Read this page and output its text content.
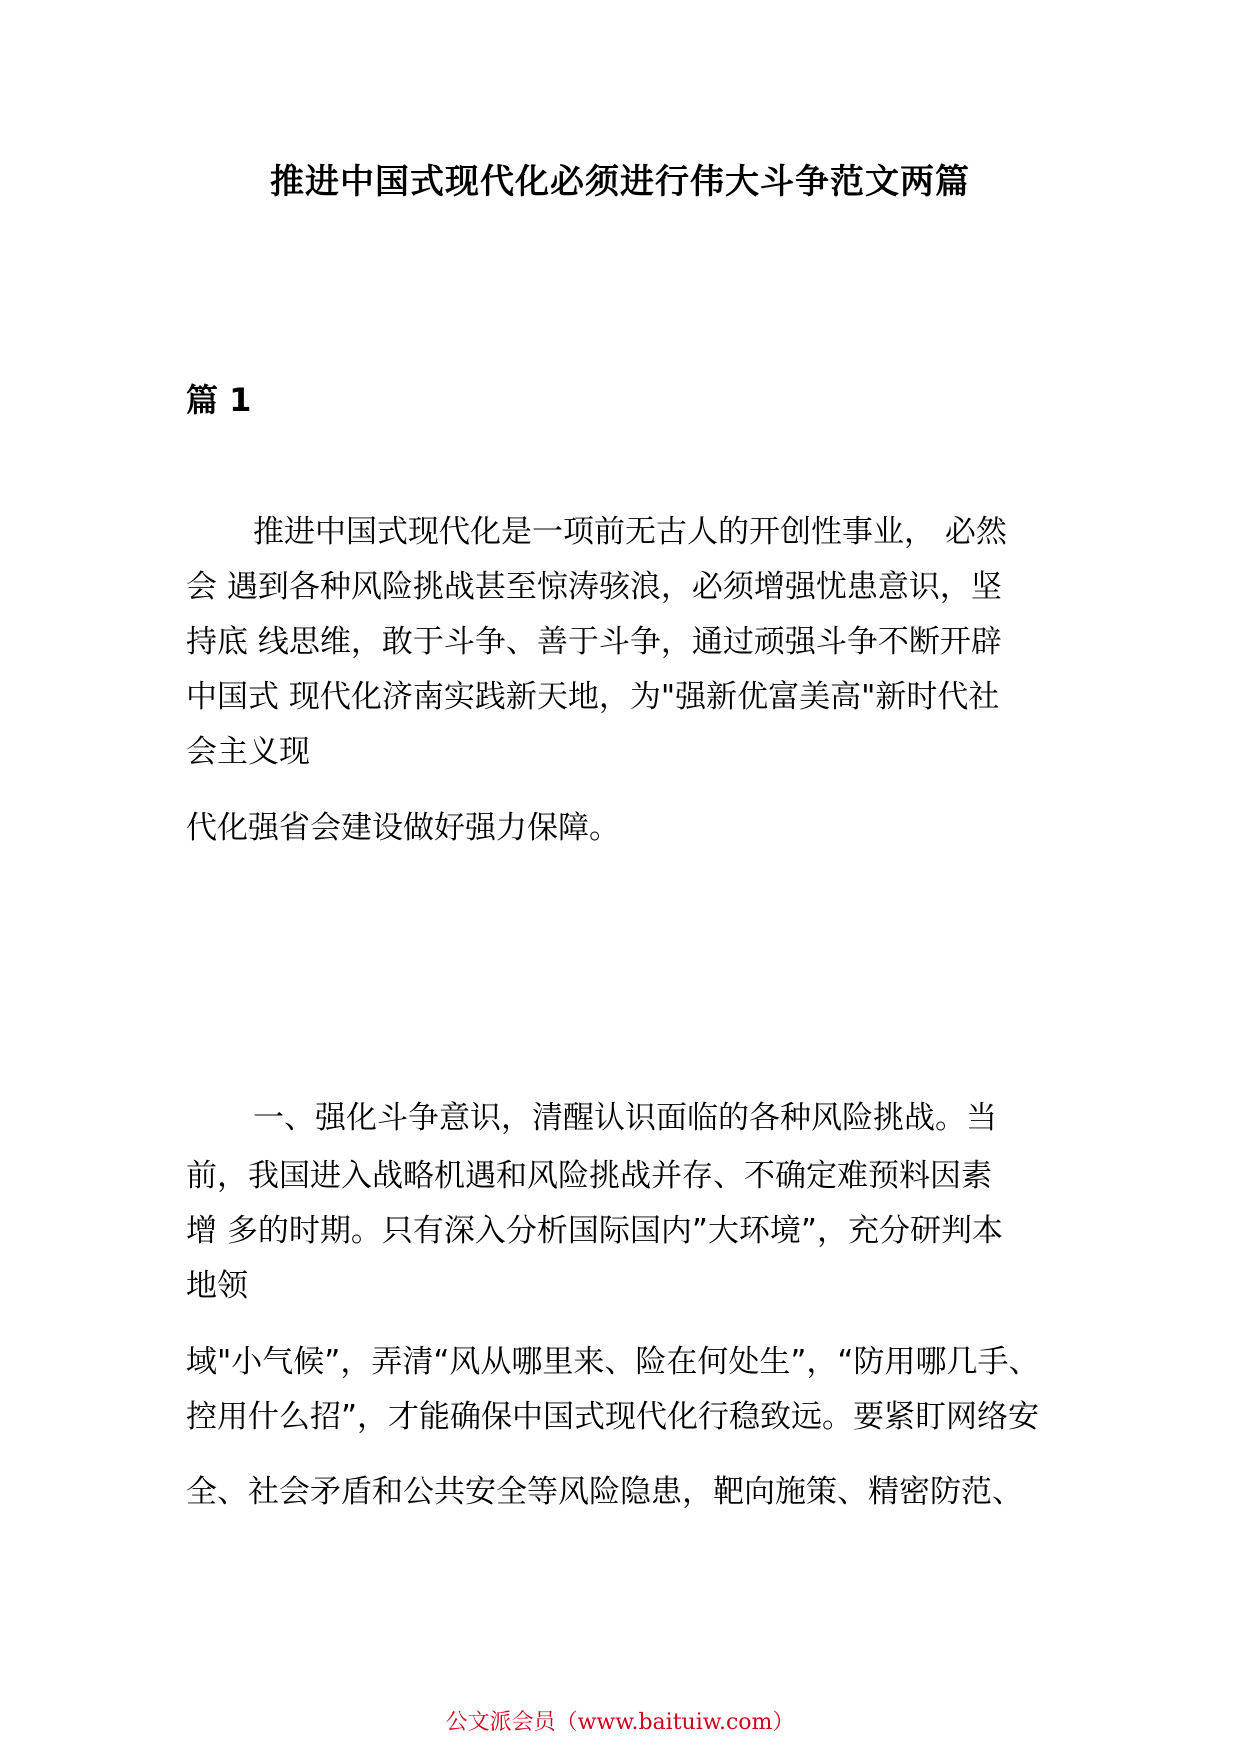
推进中国式现代化必须进行伟大斗争范文两篇
篇 1
推进中国式现代化是一项前无古人的开创性事业， 必然
会 遇到各种风险挑战甚至惊涛骇浪，必须增强忧患意识，坚
持底 线思维，敢于斗争、善于斗争，通过顽强斗争不断开辟
中国式 现代化济南实践新天地，为"强新优富美高"新时代社
会主义现
代化强省会建设做好强力保障。
一、强化斗争意识，清醒认识面临的各种风险挑战。当
前，我国进入战略机遇和风险挑战并存、不确定难预料因素
增 多的时期。只有深入分析国际国内”大环境”，充分研判本
地领
域"小气候”，弄清“风从哪里来、险在何处生”，“防用哪几手、
控用什么招”，才能确保中国式现代化行稳致远。要紧盯网络安
全、社会矛盾和公共安全等风险隐患，靶向施策、精密防范、
公文派会员（www.baituiw.com）
